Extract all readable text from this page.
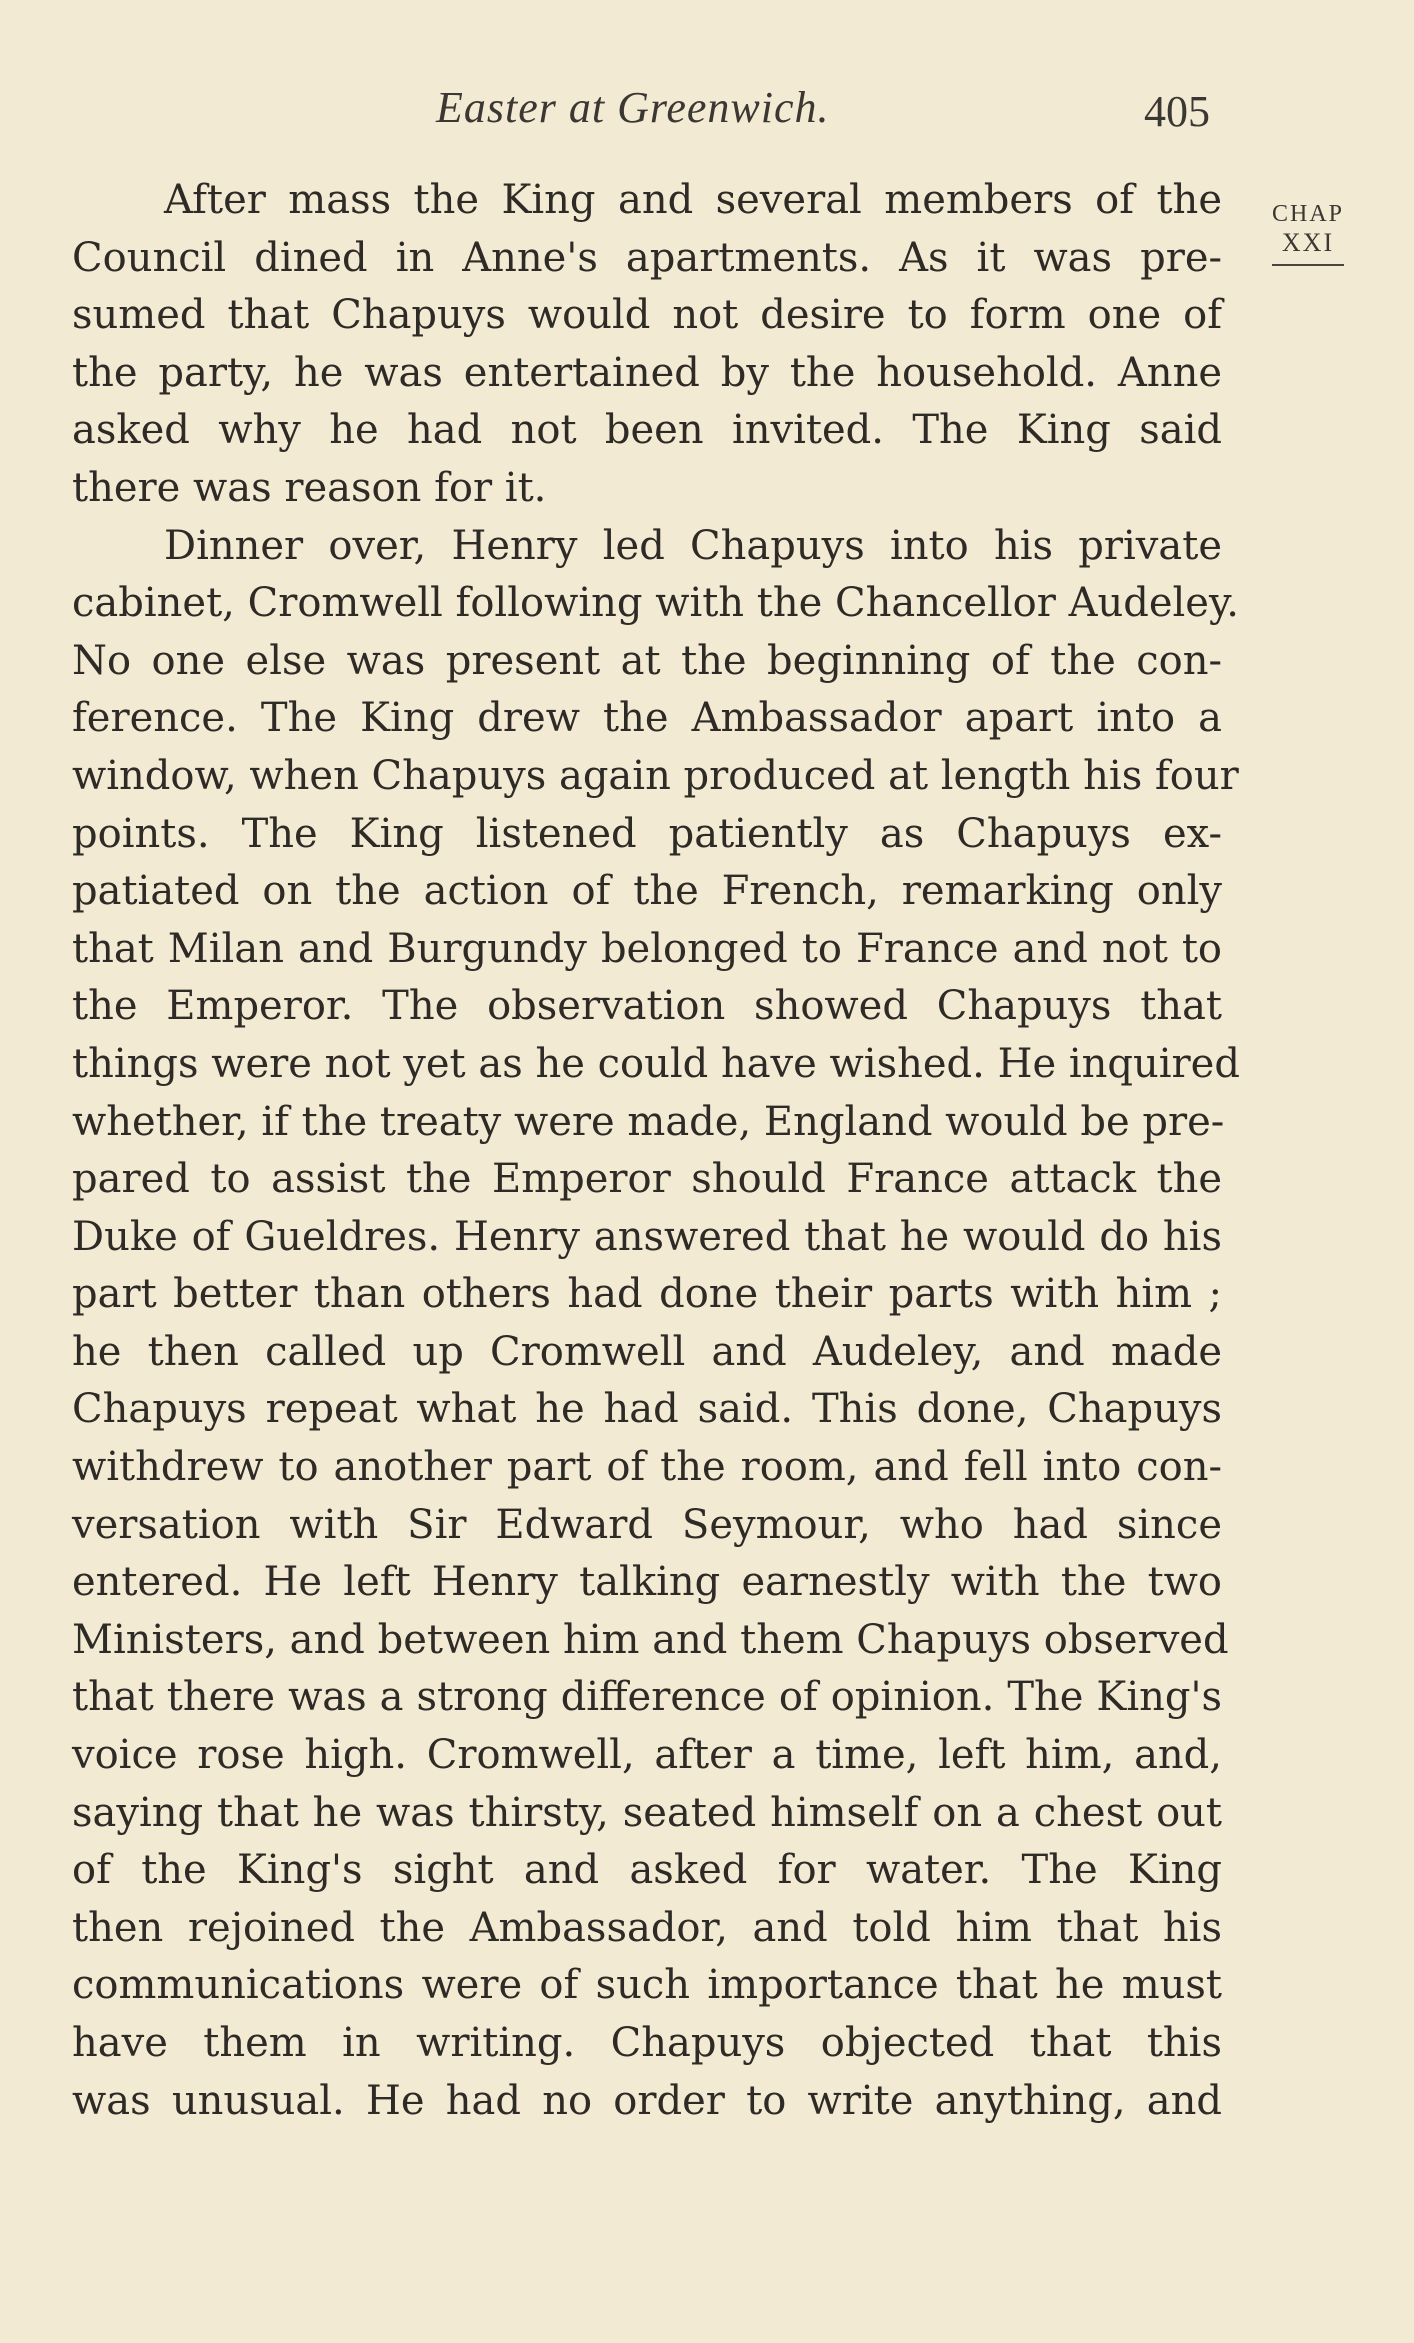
Easter at Greenwich.	405
CHAP
XXI
After mass the King and several members of the
Council dined in Anne's apartments. As it was pre-
sumed that Chapuys would not desire to form one of
the party, he was entertained by the household. Anne
asked why he had not been invited. The King said
there was reason for it.
Dinner over, Henry led Chapuys into his private
cabinet, Cromwell following with the Chancellor Audeley.
No one else was present at the beginning of the con-
ference. The King drew the Ambassador apart into a
window, when Chapuys again produced at length his four
points. The King listened patiently as Chapuys ex-
patiated on the action of the French, remarking only
that Milan and Burgundy belonged to France and not to
the Emperor. The observation showed Chapuys that
things were not yet as he could have wished. He inquired
whether, if the treaty were made, England would be pre-
pared to assist the Emperor should France attack the
Duke of Gueldres. Henry answered that he would do his
part better than others had done their parts with him ;
he then called up Cromwell and Audeley, and made
Chapuys repeat what he had said. This done, Chapuys
withdrew to another part of the room, and fell into con-
versation with Sir Edward Seymour, who had since
entered. He left Henry talking earnestly with the two
Ministers, and between him and them Chapuys observed
that there was a strong difference of opinion. The King's
voice rose high. Cromwell, after a time, left him, and,
saying that he was thirsty, seated himself on a chest out
of the King's sight and asked for water. The King
then rejoined the Ambassador, and told him that his
communications were of such importance that he must
have them in writing. Chapuys objected that this
was unusual. He had no order to write anything, and
